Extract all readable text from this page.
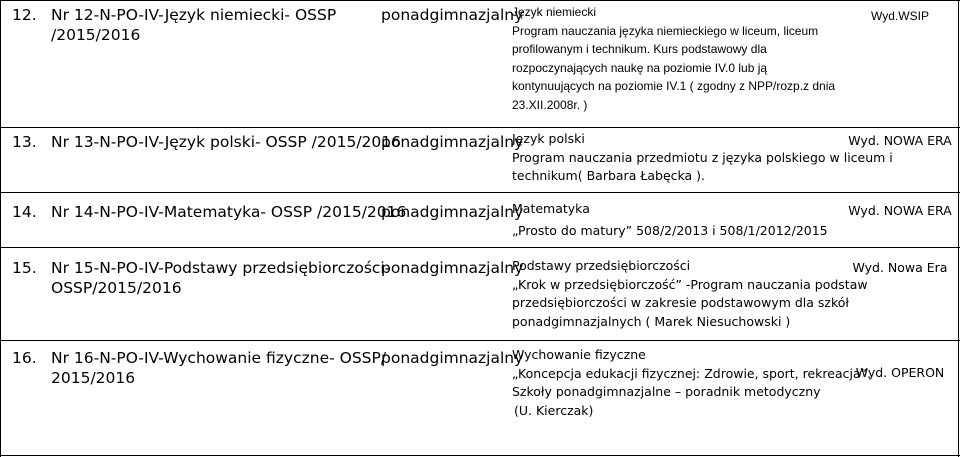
12. Nr 12-N-PO-IV-Język niemiecki- OSSP
/2015/2016
ponadgimnazjalny
Język niemiecki
Program nauczania języka niemieckiego w liceum, liceum
profilowanym i technikum. Kurs podstawowy dla
rozpoczynających naukę na poziomie IV.0 lub ją
kontynuujących na poziomie IV.1 ( zgodny z NPP/rozp.z dnia
23.XII.2008r. )
Wyd.WSIP
13. Nr 13-N-PO-IV-Język polski- OSSP /2015/2016
ponadgimnazjalny
Język polski
Program nauczania przedmiotu z języka polskiego w liceum i
technikum( Barbara Łabęcka ).
Wyd. NOWA ERA
14. Nr 14-N-PO-IV-Matematyka- OSSP /2015/2016
ponadgimnazjalny
Matematyka
„Prosto do matury” 508/2/2013 i 508/1/2012/2015
Wyd. NOWA ERA
15. Nr 15-N-PO-IV-Podstawy przedsiębiorczości-
OSSP/2015/2016
ponadgimnazjalny
Podstawy przedsiębiorczości
„Krok w przedsiębiorczość” -Program nauczania podstaw
przedsiębiorczości w zakresie podstawowym dla szkół
ponadgimnazjalnych ( Marek Niesuchowski )
Wyd. Nowa Era
16. Nr 16-N-PO-IV-Wychowanie fizyczne- OSSP/
2015/2016
ponadgimnazjalny
Wychowanie fizyczne
„Koncepcja edukacji fizycznej: Zdrowie, sport, rekreacja”.
Szkoły ponadgimnazjalne – poradnik metodyczny
(U. Kierczak)
Wyd. OPERON
